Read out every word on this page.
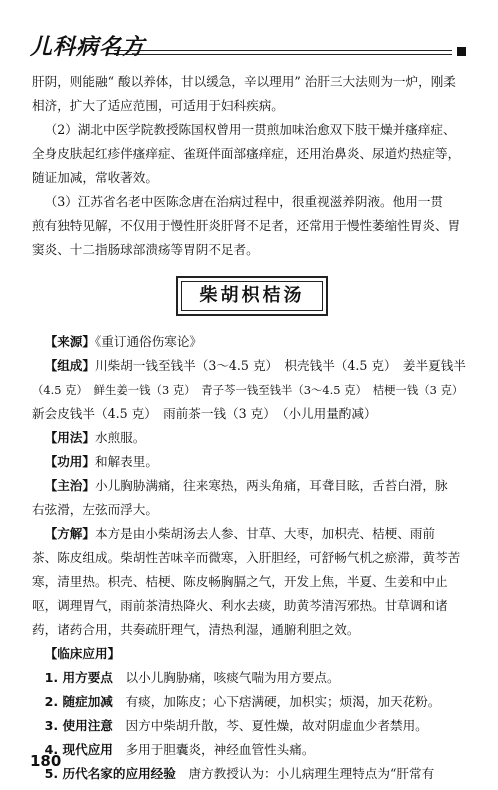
儿科病名方

肝阴，则能融“ 酸以养体，甘以缓急，辛以理用” 治肝三大法则为一炉，刚柔

相济，扩大了适应范围，可适用于妇科疾病。

（2）湖北中医学院教授陈国权曾用一贯煎加味治愈双下肢干燥并瘙痒症、

全身皮肤起红疹伴瘙痒症、雀斑伴面部瘙痒症，还用治鼻炎、尿道灼热症等，

随证加减，常收著效。

（3）江苏省名老中医陈念唐在治病过程中，很重视滋养阴液。他用一贯

煎有独特见解，不仅用于慢性肝炎肝肾不足者，还常用于慢性萎缩性胃炎、胃

窦炎、十二指肠球部溃疡等胃阴不足者。

柴胡枳桔汤

【来源】《重订通俗伤寒论》

【组成】川柴胡一钱至钱半（3～4.5 克）　枳壳钱半（4.5 克）　姜半夏钱半

（4.5 克）　鲜生姜一钱（3 克）　青子芩一钱至钱半（3～4.5 克）　桔梗一钱（3 克）

新会皮钱半（4.5 克）　雨前茶一钱（3 克）　（小儿用量酌减）

【用法】水煎服。

【功用】和解表里。

【主治】小儿胸胁满痛，往来寒热，两头角痛，耳聋目眩，舌苔白滑，脉

右弦滑，左弦而浮大。

【方解】本方是由小柴胡汤去人参、甘草、大枣，加枳壳、桔梗、雨前

茶、陈皮组成。柴胡性苦味辛而微寒，入肝胆经，可舒畅气机之瘀滞，黄芩苦

寒，清里热。枳壳、桔梗、陈皮畅胸膈之气，开发上焦，半夏、生姜和中止

呕，调理胃气，雨前茶清热降火、利水去痰，助黄芩清泻邪热。甘草调和诸

药，诸药合用，共奏疏肝理气，清热利湿，通腑利胆之效。

【临床应用】

1. 用方要点　 以小儿胸胁痛，咳痰气喘为用方要点。

2. 随症加减　 有痰，加陈皮；心下痞满硬，加枳实；烦渴，加天花粉。

3. 使用注意　 因方中柴胡升散，芩、夏性燥，故对阴虚血少者禁用。

4. 现代应用　 多用于胆囊炎，神经血管性头痛。

5. 历代名家的应用经验　 唐方教授认为：小儿病理生理特点为“肝常有

180
